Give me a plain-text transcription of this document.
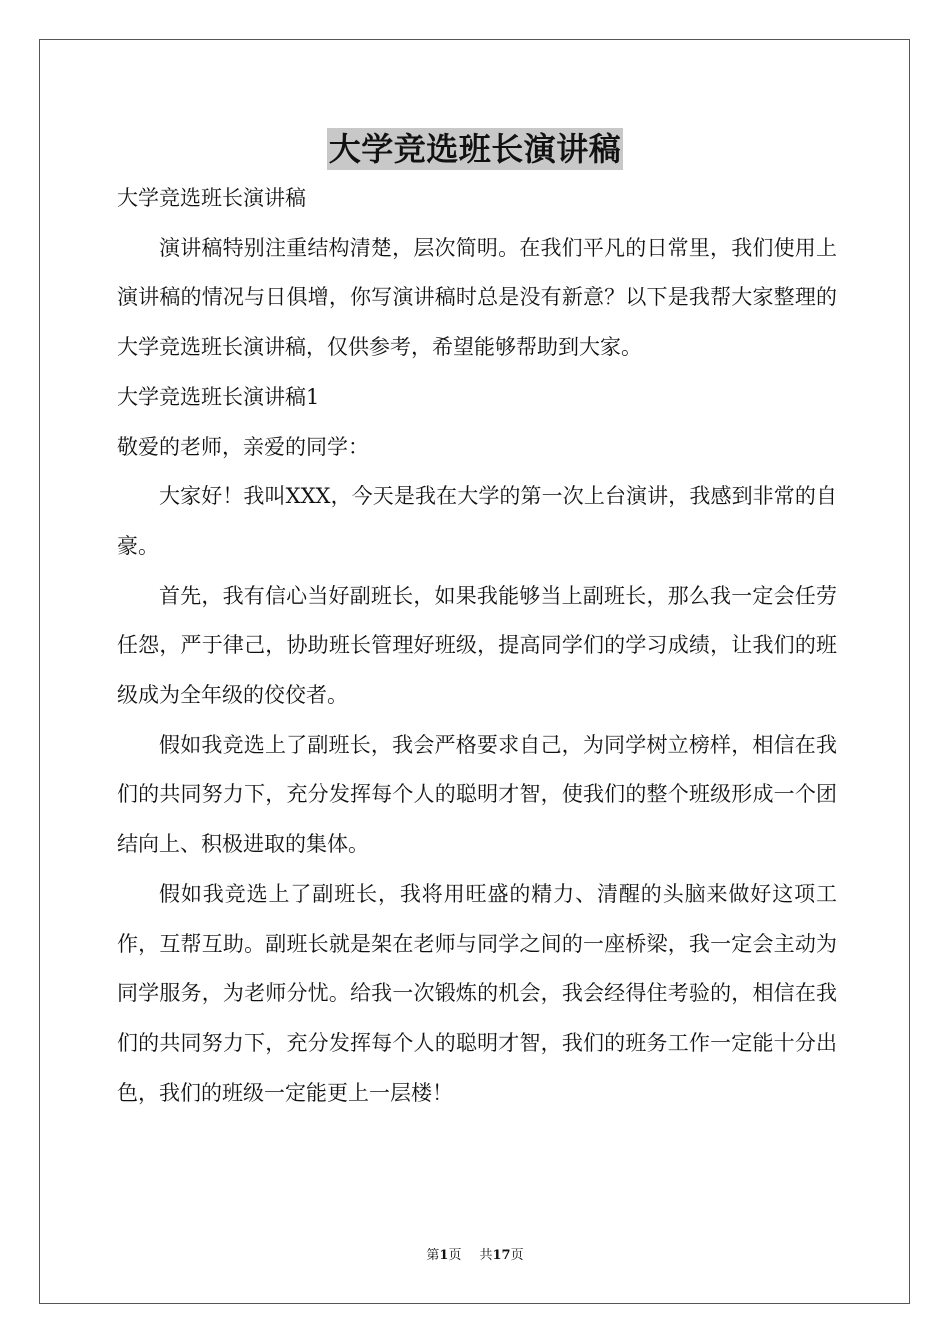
大学竞选班长演讲稿

大学竞选班长演讲稿

演讲稿特别注重结构清楚，层次简明。在我们平凡的日常里，我们使用上演讲稿的情况与日俱增，你写演讲稿时总是没有新意？以下是我帮大家整理的大学竞选班长演讲稿，仅供参考，希望能够帮助到大家。

大学竞选班长演讲稿1

敬爱的老师，亲爱的同学：

大家好！我叫XXX，今天是我在大学的第一次上台演讲，我感到非常的自豪。

首先，我有信心当好副班长，如果我能够当上副班长，那么我一定会任劳任怨，严于律己，协助班长管理好班级，提高同学们的学习成绩，让我们的班级成为全年级的佼佼者。

假如我竞选上了副班长，我会严格要求自己，为同学树立榜样，相信在我们的共同努力下，充分发挥每个人的聪明才智，使我们的整个班级形成一个团结向上、积极进取的集体。

假如我竞选上了副班长，我将用旺盛的精力、清醒的头脑来做好这项工作，互帮互助。副班长就是架在老师与同学之间的一座桥梁，我一定会主动为同学服务，为老师分忧。给我一次锻炼的机会，我会经得住考验的，相信在我们的共同努力下，充分发挥每个人的聪明才智，我们的班务工作一定能十分出色，我们的班级一定能更上一层楼！

第1页 共17页
